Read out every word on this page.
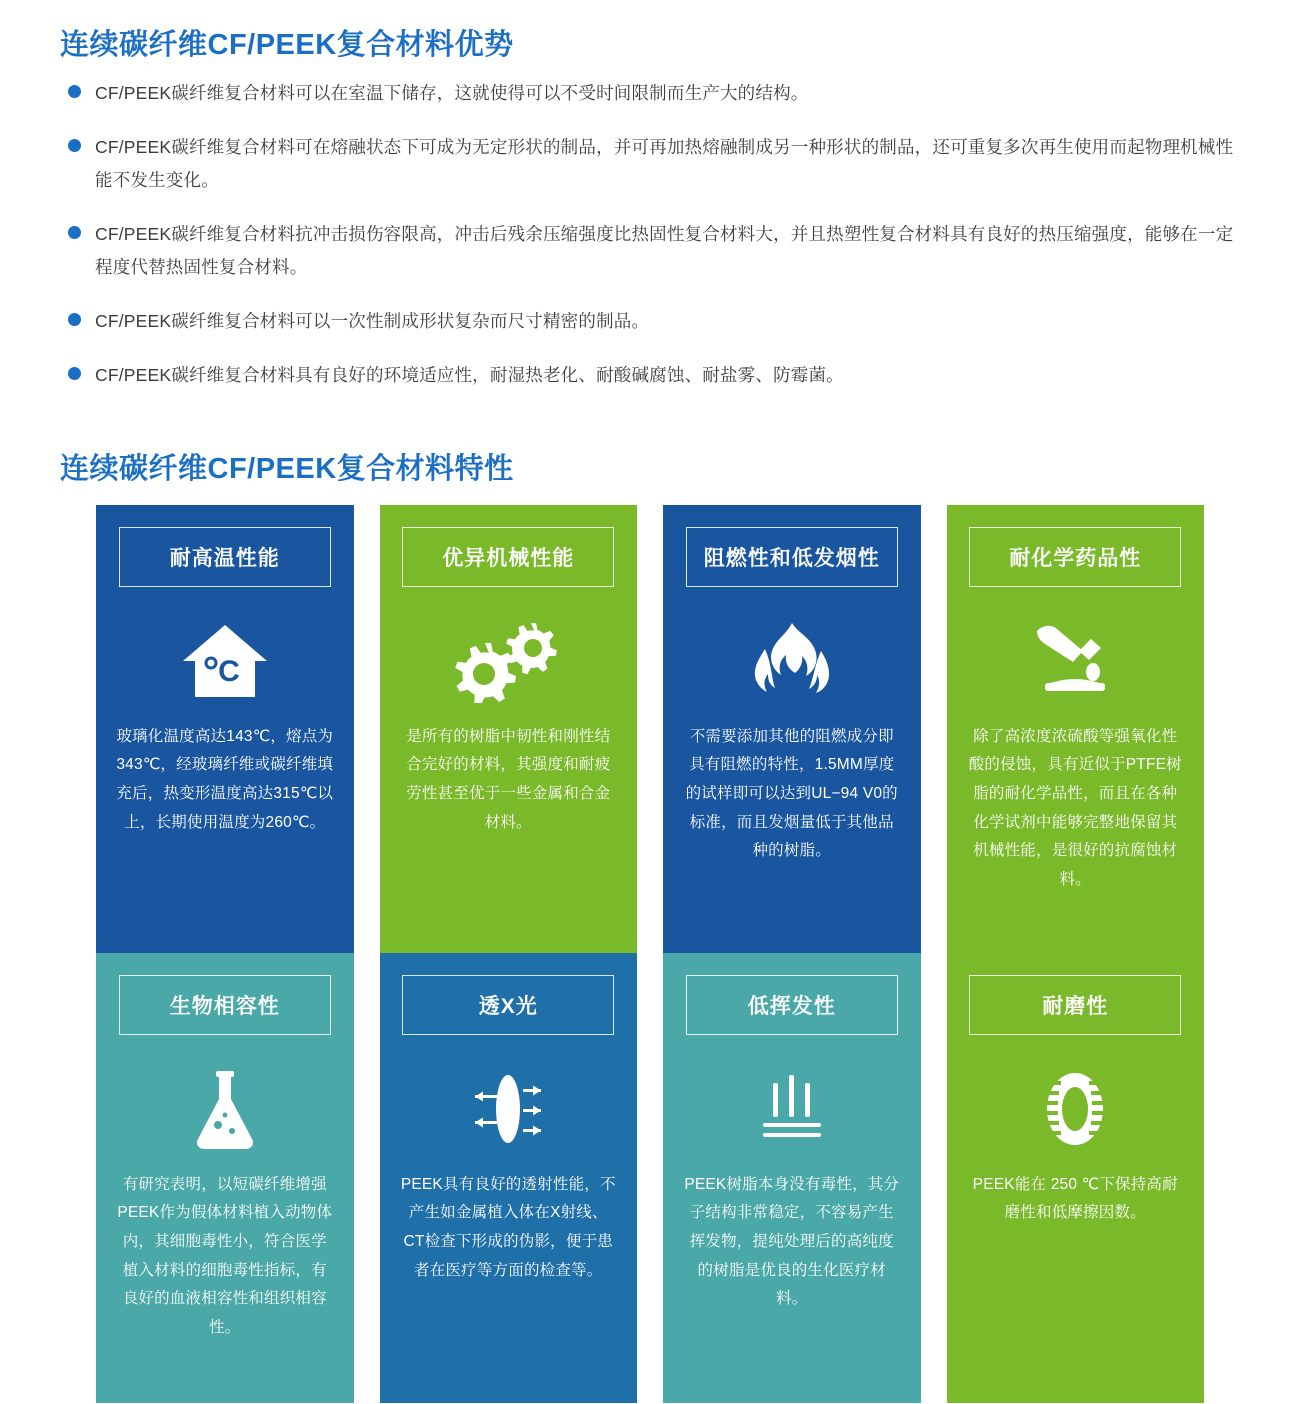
连续碳纤维CF/PEEK复合材料优势
CF/PEEK碳纤维复合材料可以在室温下储存，这就使得可以不受时间限制而生产大的结构。
CF/PEEK碳纤维复合材料可在熔融状态下可成为无定形状的制品，并可再加热熔融制成另一种形状的制品，还可重复多次再生使用而起物理机械性能不发生变化。
CF/PEEK碳纤维复合材料抗冲击损伤容限高，冲击后残余压缩强度比热固性复合材料大，并且热塑性复合材料具有良好的热压缩强度，能够在一定程度代替热固性复合材料。
CF/PEEK碳纤维复合材料可以一次性制成形状复杂而尺寸精密的制品。
CF/PEEK碳纤维复合材料具有良好的环境适应性，耐湿热老化、耐酸碱腐蚀、耐盐雾、防霉菌。
连续碳纤维CF/PEEK复合材料特性
耐高温性能
C
玻璃化温度高达143℃，熔点为343℃，经玻璃纤维或碳纤维填充后，热变形温度高达315℃以上，长期使用温度为260℃。
优异机械性能
是所有的树脂中韧性和刚性结合完好的材料，其强度和耐疲劳性甚至优于一些金属和合金材料。
阻燃性和低发烟性
不需要添加其他的阻燃成分即具有阻燃的特性，1.5MM厚度的试样即可以达到UL−94 V0的标准，而且发烟量低于其他品种的树脂。
耐化学药品性
除了高浓度浓硫酸等强氧化性酸的侵蚀，具有近似于PTFE树脂的耐化学品性，而且在各种化学试剂中能够完整地保留其机械性能，是很好的抗腐蚀材料。
生物相容性
有研究表明，以短碳纤维增强PEEK作为假体材料植入动物体内，其细胞毒性小，符合医学植入材料的细胞毒性指标，有良好的血液相容性和组织相容性。
透X光
PEEK具有良好的透射性能，不产生如金属植入体在X射线、CT检查下形成的伪影，便于患者在医疗等方面的检查等。
低挥发性
PEEK树脂本身没有毒性，其分子结构非常稳定，不容易产生挥发物，提纯处理后的高纯度的树脂是优良的生化医疗材料。
耐磨性
PEEK能在 250 ℃下保持高耐磨性和低摩擦因数。
